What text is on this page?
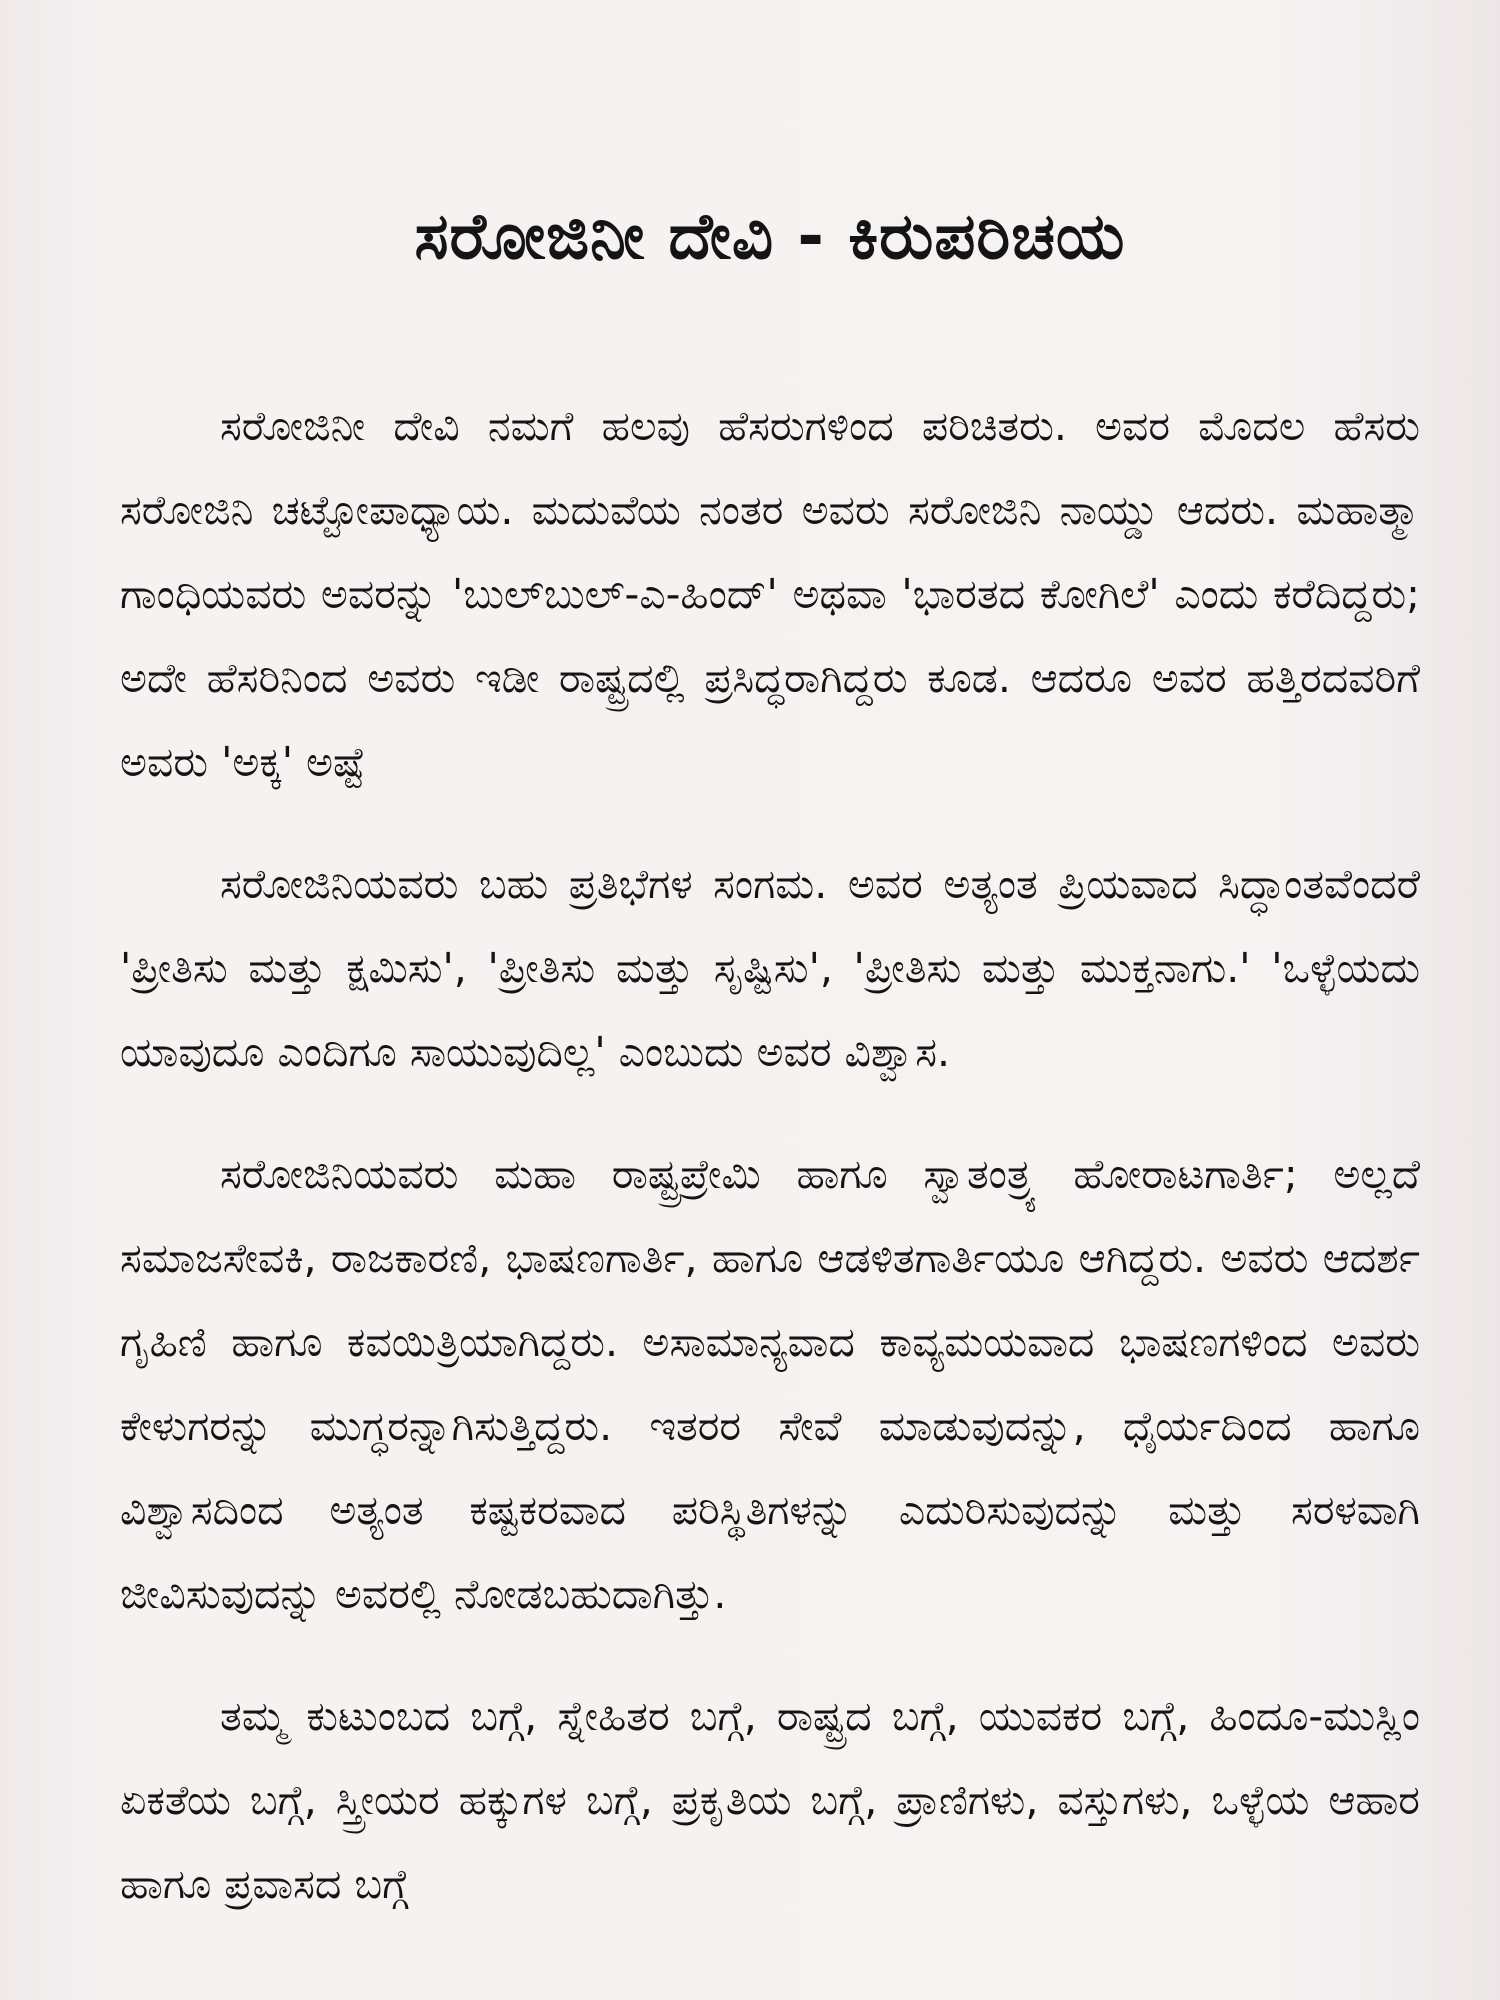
ಸರೋಜಿನೀ ದೇವಿ - ಕಿರುಪರಿಚಯ

ಸರೋಜಿನೀ ದೇವಿ ನಮಗೆ ಹಲವು ಹೆಸರುಗಳಿಂದ ಪರಿಚಿತರು. ಅವರ ಮೊದಲ ಹೆಸರು ಸರೋಜಿನಿ ಚಟ್ಟೋಪಾಧ್ಯಾಯ. ಮದುವೆಯ ನಂತರ ಅವರು ಸರೋಜಿನಿ ನಾಯ್ಡು ಆದರು. ಮಹಾತ್ಮಾ ಗಾಂಧಿಯವರು ಅವರನ್ನು 'ಬುಲ್‌ಬುಲ್-ಎ-ಹಿಂದ್' ಅಥವಾ 'ಭಾರತದ ಕೋಗಿಲೆ' ಎಂದು ಕರೆದಿದ್ದರು; ಅದೇ ಹೆಸರಿನಿಂದ ಅವರು ಇಡೀ ರಾಷ್ಟ್ರದಲ್ಲಿ ಪ್ರಸಿದ್ಧರಾಗಿದ್ದರು ಕೂಡ. ಆದರೂ ಅವರ ಹತ್ತಿರದವರಿಗೆ ಅವರು 'ಅಕ್ಕ' ಅಷ್ಟೆ

ಸರೋಜಿನಿಯವರು ಬಹು ಪ್ರತಿಭೆಗಳ ಸಂಗಮ. ಅವರ ಅತ್ಯಂತ ಪ್ರಿಯವಾದ ಸಿದ್ಧಾಂತವೆಂದರೆ 'ಪ್ರೀತಿಸು ಮತ್ತು ಕ್ಷಮಿಸು', 'ಪ್ರೀತಿಸು ಮತ್ತು ಸೃಷ್ಟಿಸು', 'ಪ್ರೀತಿಸು ಮತ್ತು ಮುಕ್ತನಾಗು.' 'ಒಳ್ಳೆಯದು ಯಾವುದೂ ಎಂದಿಗೂ ಸಾಯುವುದಿಲ್ಲ' ಎಂಬುದು ಅವರ ವಿಶ್ವಾಸ.

ಸರೋಜಿನಿಯವರು ಮಹಾ ರಾಷ್ಟ್ರಪ್ರೇಮಿ ಹಾಗೂ ಸ್ವಾತಂತ್ರ್ಯ ಹೋರಾಟಗಾರ್ತಿ; ಅಲ್ಲದೆ ಸಮಾಜಸೇವಕಿ, ರಾಜಕಾರಣಿ, ಭಾಷಣಗಾರ್ತಿ, ಹಾಗೂ ಆಡಳಿತಗಾರ್ತಿಯೂ ಆಗಿದ್ದರು. ಅವರು ಆದರ್ಶ ಗೃಹಿಣಿ ಹಾಗೂ ಕವಯಿತ್ರಿಯಾಗಿದ್ದರು. ಅಸಾಮಾನ್ಯವಾದ ಕಾವ್ಯಮಯವಾದ ಭಾಷಣಗಳಿಂದ ಅವರು ಕೇಳುಗರನ್ನು ಮುಗ್ಧರನ್ನಾಗಿಸುತ್ತಿದ್ದರು. ಇತರರ ಸೇವೆ ಮಾಡುವುದನ್ನು, ಧೈರ್ಯದಿಂದ ಹಾಗೂ ವಿಶ್ವಾಸದಿಂದ ಅತ್ಯಂತ ಕಷ್ಟಕರವಾದ ಪರಿಸ್ಥಿತಿಗಳನ್ನು ಎದುರಿಸುವುದನ್ನು ಮತ್ತು ಸರಳವಾಗಿ ಜೀವಿಸುವುದನ್ನು ಅವರಲ್ಲಿ ನೋಡಬಹುದಾಗಿತ್ತು.

ತಮ್ಮ ಕುಟುಂಬದ ಬಗ್ಗೆ, ಸ್ನೇಹಿತರ ಬಗ್ಗೆ, ರಾಷ್ಟ್ರದ ಬಗ್ಗೆ, ಯುವಕರ ಬಗ್ಗೆ, ಹಿಂದೂ-ಮುಸ್ಲಿಂ ಏಕತೆಯ ಬಗ್ಗೆ, ಸ್ತ್ರೀಯರ ಹಕ್ಕುಗಳ ಬಗ್ಗೆ, ಪ್ರಕೃತಿಯ ಬಗ್ಗೆ, ಪ್ರಾಣಿಗಳು, ವಸ್ತುಗಳು, ಒಳ್ಳೆಯ ಆಹಾರ ಹಾಗೂ ಪ್ರವಾಸದ ಬಗ್ಗೆ
